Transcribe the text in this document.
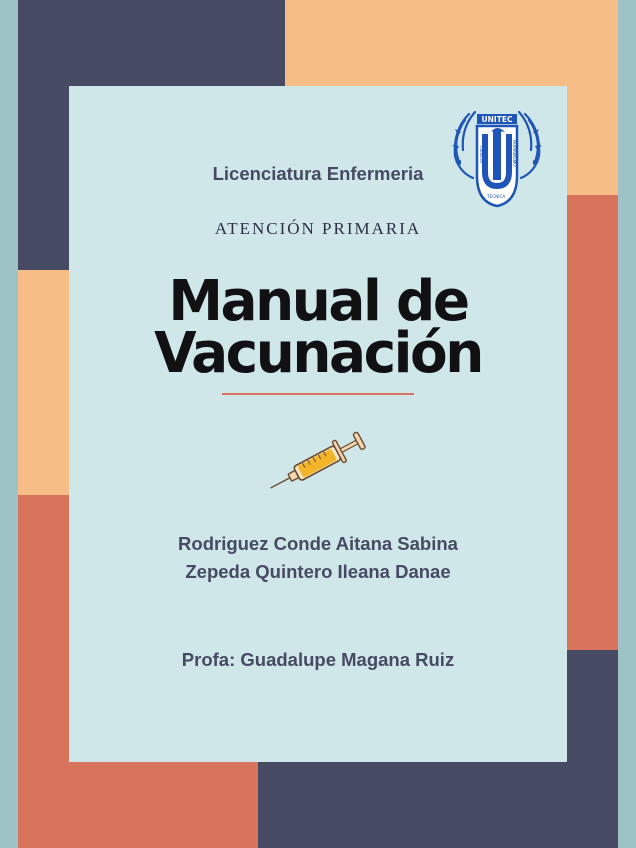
UNITEC
CIENCIA	HUMANISMO
TÉCNICA
Licenciatura Enfermeria
ATENCIÓN PRIMARIA
Manual de
Vacunación
Rodriguez Conde Aitana Sabina
Zepeda Quintero Ileana Danae
Profa: Guadalupe Magana Ruiz
